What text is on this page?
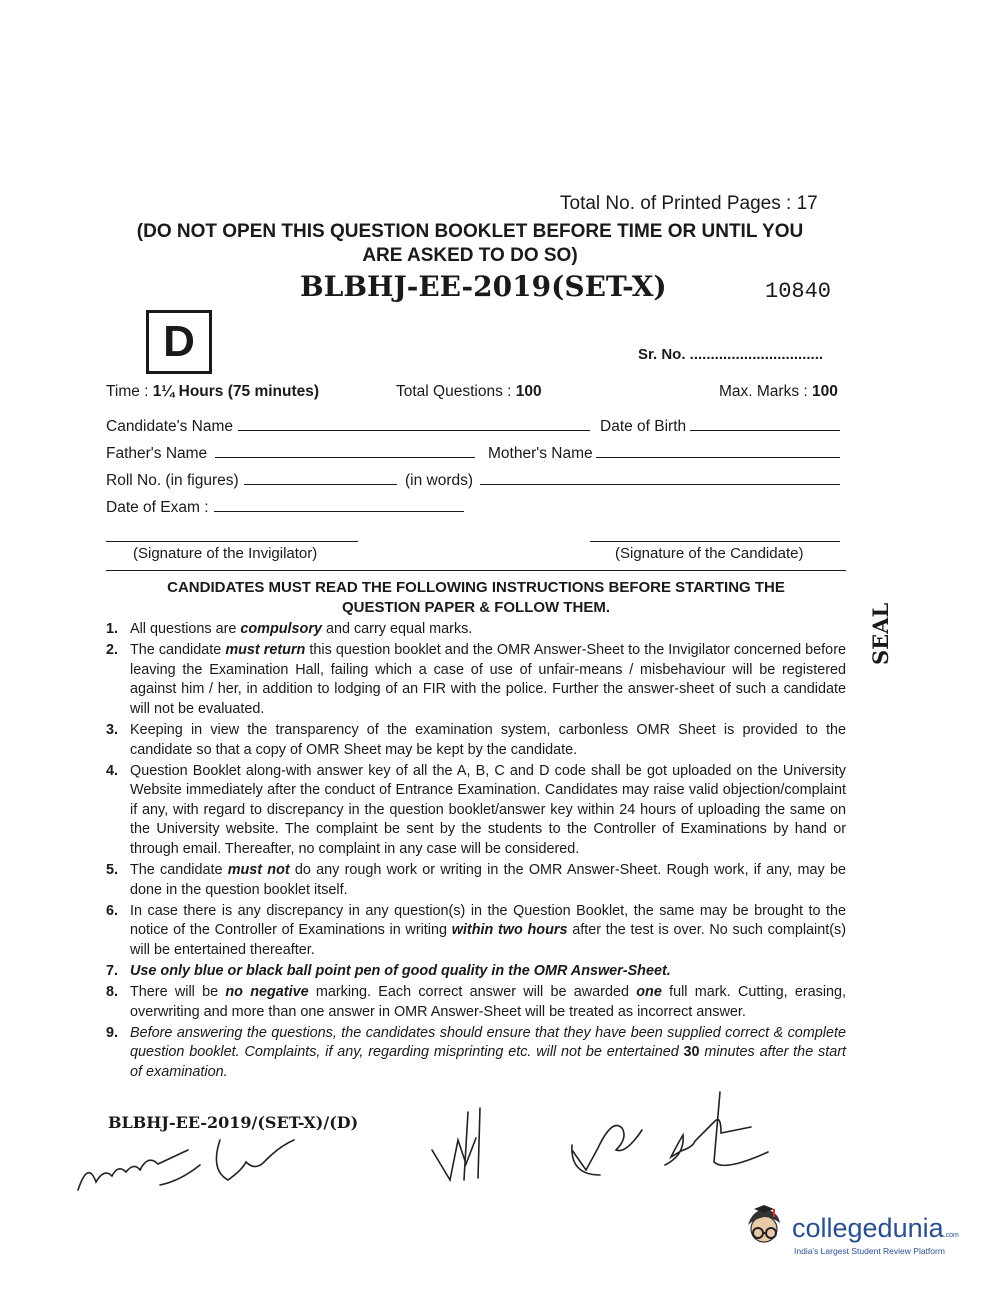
Total No. of Printed Pages : 17
(DO NOT OPEN THIS QUESTION BOOKLET BEFORE TIME OR UNTIL YOU
ARE ASKED TO DO SO)
BLBHJ-EE-2019(SET-X)	10840
D	Sr. No. ................................
Time : 1¼ Hours (75 minutes)	Total Questions : 100	Max. Marks : 100
Candidate's Name	Date of Birth
Father's Name	Mother's Name
Roll No. (in figures)	(in words)
Date of Exam :
(Signature of the Invigilator)	(Signature of the Candidate)
CANDIDATES MUST READ THE FOLLOWING INSTRUCTIONS BEFORE STARTING THE
QUESTION PAPER & FOLLOW THEM.
1. All questions are compulsory and carry equal marks.
2. The candidate must return this question booklet and the OMR Answer-Sheet to the Invigilator concerned before leaving the Examination Hall, failing which a case of use of unfair-means / misbehaviour will be registered against him / her, in addition to lodging of an FIR with the police. Further the answer-sheet of such a candidate will not be evaluated.
3. Keeping in view the transparency of the examination system, carbonless OMR Sheet is provided to the candidate so that a copy of OMR Sheet may be kept by the candidate.
4. Question Booklet along-with answer key of all the A, B, C and D code shall be got uploaded on the University Website immediately after the conduct of Entrance Examination. Candidates may raise valid objection/complaint if any, with regard to discrepancy in the question booklet/answer key within 24 hours of uploading the same on the University website. The complaint be sent by the students to the Controller of Examinations by hand or through email. Thereafter, no complaint in any case will be considered.
5. The candidate must not do any rough work or writing in the OMR Answer-Sheet. Rough work, if any, may be done in the question booklet itself.
6. In case there is any discrepancy in any question(s) in the Question Booklet, the same may be brought to the notice of the Controller of Examinations in writing within two hours after the test is over. No such complaint(s) will be entertained thereafter.
7. Use only blue or black ball point pen of good quality in the OMR Answer-Sheet.
8. There will be no negative marking. Each correct answer will be awarded one full mark. Cutting, erasing, overwriting and more than one answer in OMR Answer-Sheet will be treated as incorrect answer.
9. Before answering the questions, the candidates should ensure that they have been supplied correct & complete question booklet. Complaints, if any, regarding misprinting etc. will not be entertained 30 minutes after the start of examination.
BLBHJ-EE-2019/(SET-X)/(D)
SEAL
collegedunia.com
India's Largest Student Review Platform
